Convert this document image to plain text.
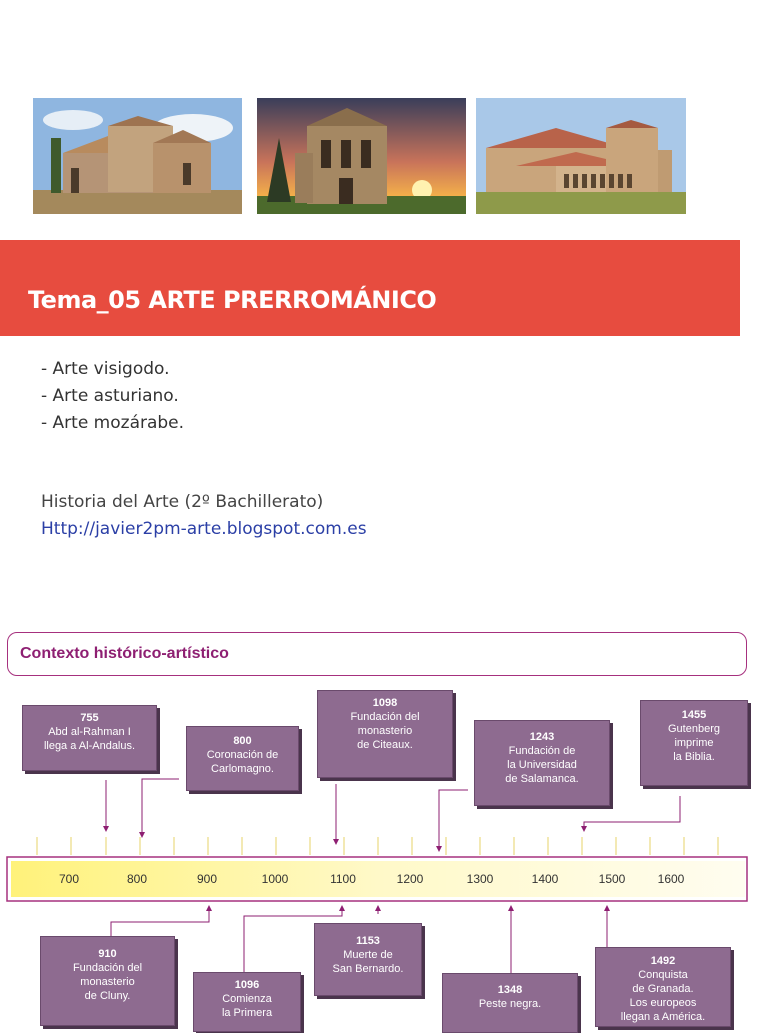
Tema_05 ARTE PRERROMÁNICO
- Arte visigodo.
- Arte asturiano.
- Arte mozárabe.
Historia del Arte (2º Bachillerato)
Http://javier2pm-arte.blogspot.com.es
Contexto histórico-artístico
700	800	900	1000	1100	1200	1300	1400	1500	1600
755
Abd al-Rahman I
llega a Al-Andalus.	800
Coronación de
Carlomagno.
1098
Fundación del
monasterio
de Citeaux.
1243
Fundación de
la Universidad
de Salamanca.
1455
Gutenberg
imprime
la Biblia.
910
Fundación del
monasterio
de Cluny.
1096
Comienza
la Primera
1153
Muerte de
San Bernardo.
1348
Peste negra.
1492
Conquista
de Granada.
Los europeos
llegan a América.
